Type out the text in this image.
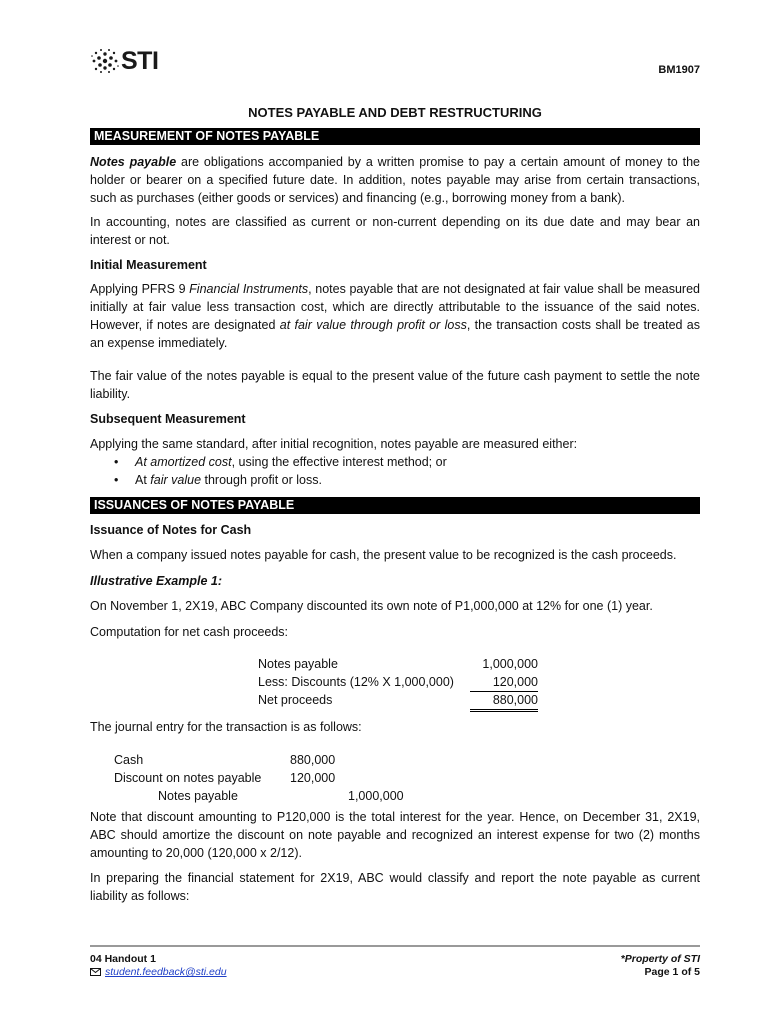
STI	BM1907
NOTES PAYABLE AND DEBT RESTRUCTURING
MEASUREMENT OF NOTES PAYABLE
Notes payable are obligations accompanied by a written promise to pay a certain amount of money to the holder or bearer on a specified future date. In addition, notes payable may arise from certain transactions, such as purchases (either goods or services) and financing (e.g., borrowing money from a bank).
In accounting, notes are classified as current or non-current depending on its due date and may bear an interest or not.
Initial Measurement
Applying PFRS 9 Financial Instruments, notes payable that are not designated at fair value shall be measured initially at fair value less transaction cost, which are directly attributable to the issuance of the said notes. However, if notes are designated at fair value through profit or loss, the transaction costs shall be treated as an expense immediately.
The fair value of the notes payable is equal to the present value of the future cash payment to settle the note liability.
Subsequent Measurement
Applying the same standard, after initial recognition, notes payable are measured either:
• At amortized cost, using the effective interest method; or
• At fair value through profit or loss.
ISSUANCES OF NOTES PAYABLE
Issuance of Notes for Cash
When a company issued notes payable for cash, the present value to be recognized is the cash proceeds.
Illustrative Example 1:
On November 1, 2X19, ABC Company discounted its own note of P1,000,000 at 12% for one (1) year.
Computation for net cash proceeds:
Notes payable	1,000,000
Less: Discounts (12% X 1,000,000)	120,000
Net proceeds	880,000
The journal entry for the transaction is as follows:
Cash	880,000
Discount on notes payable 120,000
Notes payable	1,000,000
Note that discount amounting to P120,000 is the total interest for the year. Hence, on December 31, 2X19, ABC should amortize the discount on note payable and recognized an interest expense for two (2) months amounting to 20,000 (120,000 x 2/12).
In preparing the financial statement for 2X19, ABC would classify and report the note payable as current liability as follows:
04 Handout 1
student.feedback@sti.edu
*Property of STI
Page 1 of 5
